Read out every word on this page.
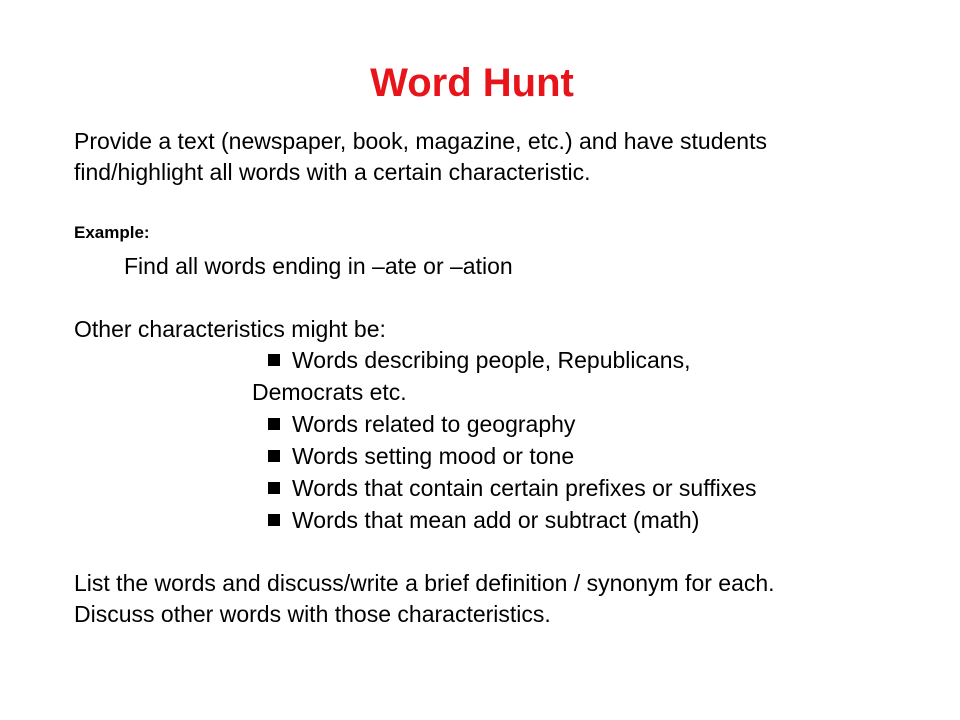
Word Hunt
Provide a text (newspaper, book, magazine, etc.) and have students
find/highlight all words with a certain characteristic.
Example:
Find all words ending in –ate or –ation
Other characteristics might be:
Words describing people, Republicans,
Democrats etc.
Words related to geography
Words setting mood or tone
Words that contain certain prefixes or suffixes
Words that mean add or subtract (math)
List the words and discuss/write a brief definition / synonym for each.
Discuss other words with those characteristics.
